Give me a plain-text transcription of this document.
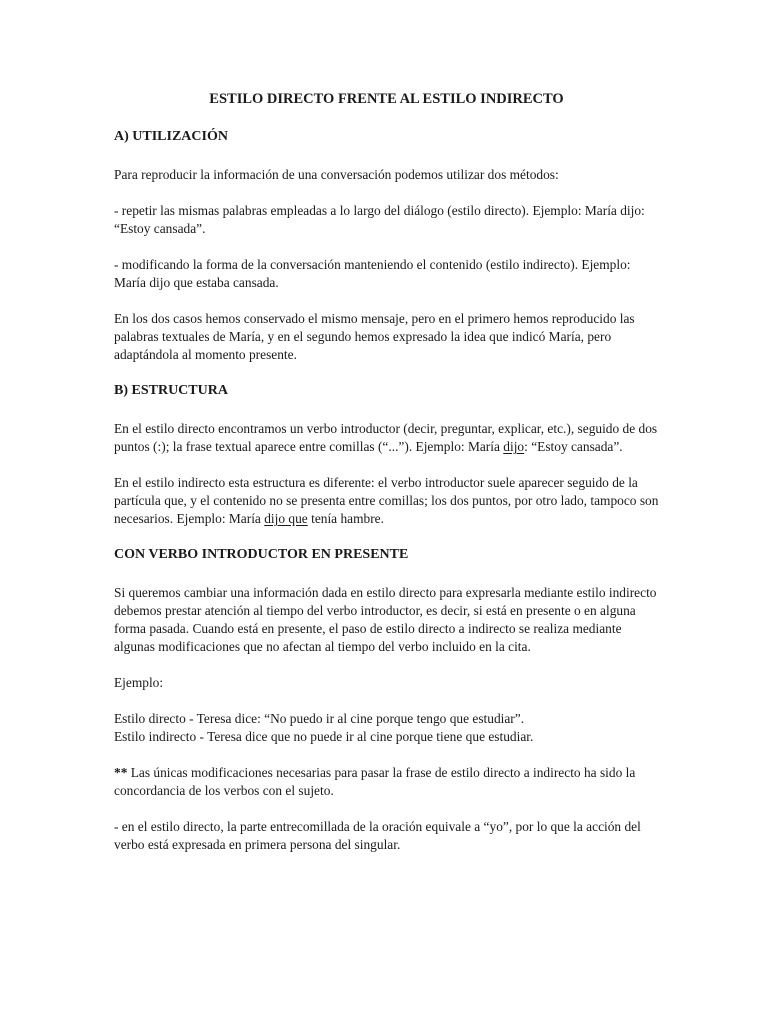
ESTILO DIRECTO FRENTE AL ESTILO INDIRECTO
A) UTILIZACIÓN

Para reproducir la información de una conversación podemos utilizar dos métodos:

- repetir las mismas palabras empleadas a lo largo del diálogo (estilo directo). Ejemplo: María dijo: “Estoy cansada”.

- modificando la forma de la conversación manteniendo el contenido (estilo indirecto). Ejemplo: María dijo que estaba cansada.

En los dos casos hemos conservado el mismo mensaje, pero en el primero hemos reproducido las palabras textuales de María, y en el segundo hemos expresado la idea que indicó María, pero adaptándola al momento presente.

B) ESTRUCTURA

En el estilo directo encontramos un verbo introductor (decir, preguntar, explicar, etc.), seguido de dos puntos (:); la frase textual aparece entre comillas (“...”). Ejemplo: María dijo: “Estoy cansada”.

En el estilo indirecto esta estructura es diferente: el verbo introductor suele aparecer seguido de la partícula que, y el contenido no se presenta entre comillas; los dos puntos, por otro lado, tampoco son necesarios. Ejemplo: María dijo que tenía hambre.

CON VERBO INTRODUCTOR EN PRESENTE

Si queremos cambiar una información dada en estilo directo para expresarla mediante estilo indirecto debemos prestar atención al tiempo del verbo introductor, es decir, si está en presente o en alguna forma pasada. Cuando está en presente, el paso de estilo directo a indirecto se realiza mediante algunas modificaciones que no afectan al tiempo del verbo incluido en la cita.

Ejemplo:

Estilo directo - Teresa dice: “No puedo ir al cine porque tengo que estudiar”.
Estilo indirecto - Teresa dice que no puede ir al cine porque tiene que estudiar.

** Las únicas modificaciones necesarias para pasar la frase de estilo directo a indirecto ha sido la concordancia de los verbos con el sujeto.

- en el estilo directo, la parte entrecomillada de la oración equivale a “yo”, por lo que la acción del verbo está expresada en primera persona del singular.
